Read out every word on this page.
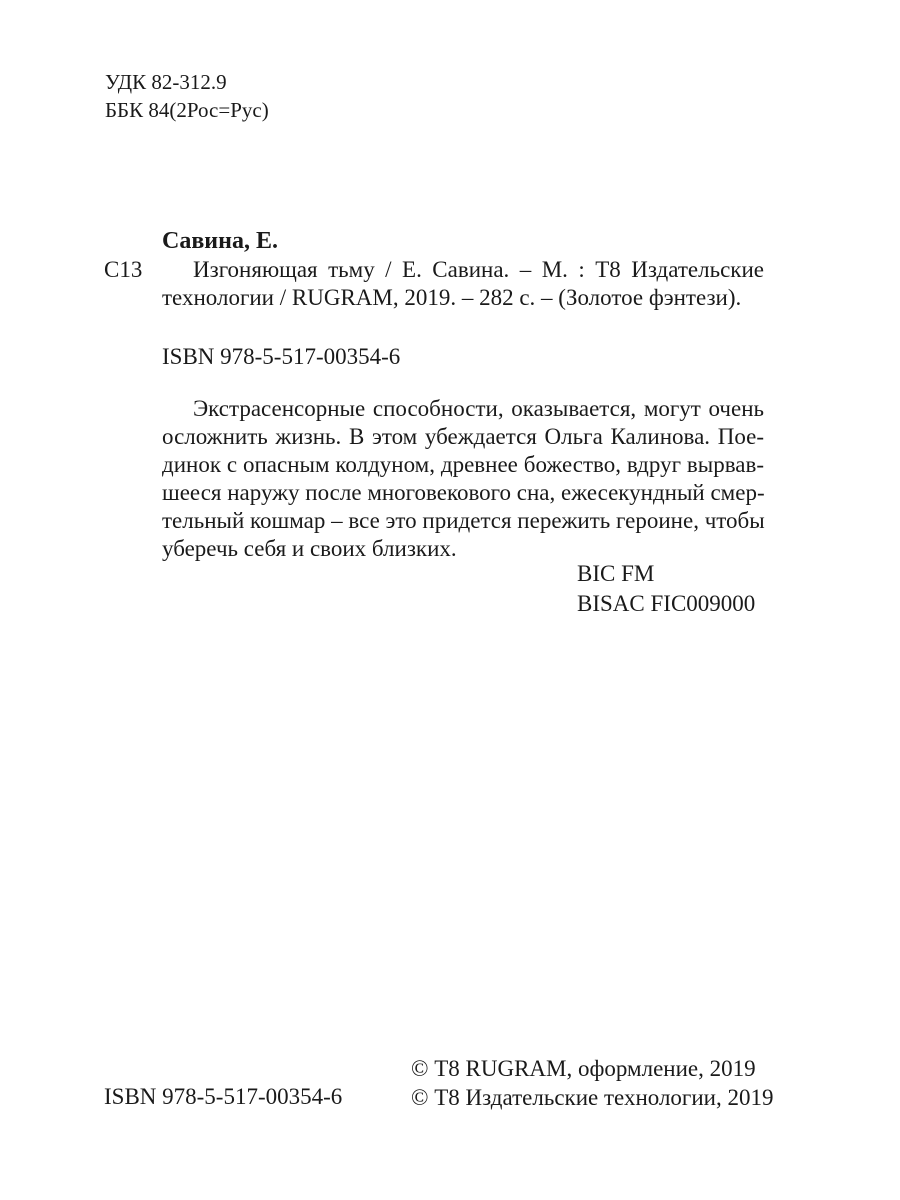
УДК 82-312.9
ББК 84(2Рос=Рус)
Савина, Е.
С13	Изгоняющая тьму / Е. Савина. – М. : Т8 Издательские
технологии / RUGRAM, 2019. – 282 с. – (Золотое фэнтези).
ISBN 978-5-517-00354-6
Экстрасенсорные способности, оказывается, могут очень
осложнить жизнь. В этом убеждается Ольга Калинова. Пое-
динок с опасным колдуном, древнее божество, вдруг вырвав-
шееся наружу после многовекового сна, ежесекундный смер-
тельный кошмар – все это придется пережить героине, чтобы
уберечь себя и своих близких.
BIC FM
BISAC FIC009000
© Т8 RUGRAM, оформление, 2019
© Т8 Издательские технологии, 2019
ISBN 978-5-517-00354-6
